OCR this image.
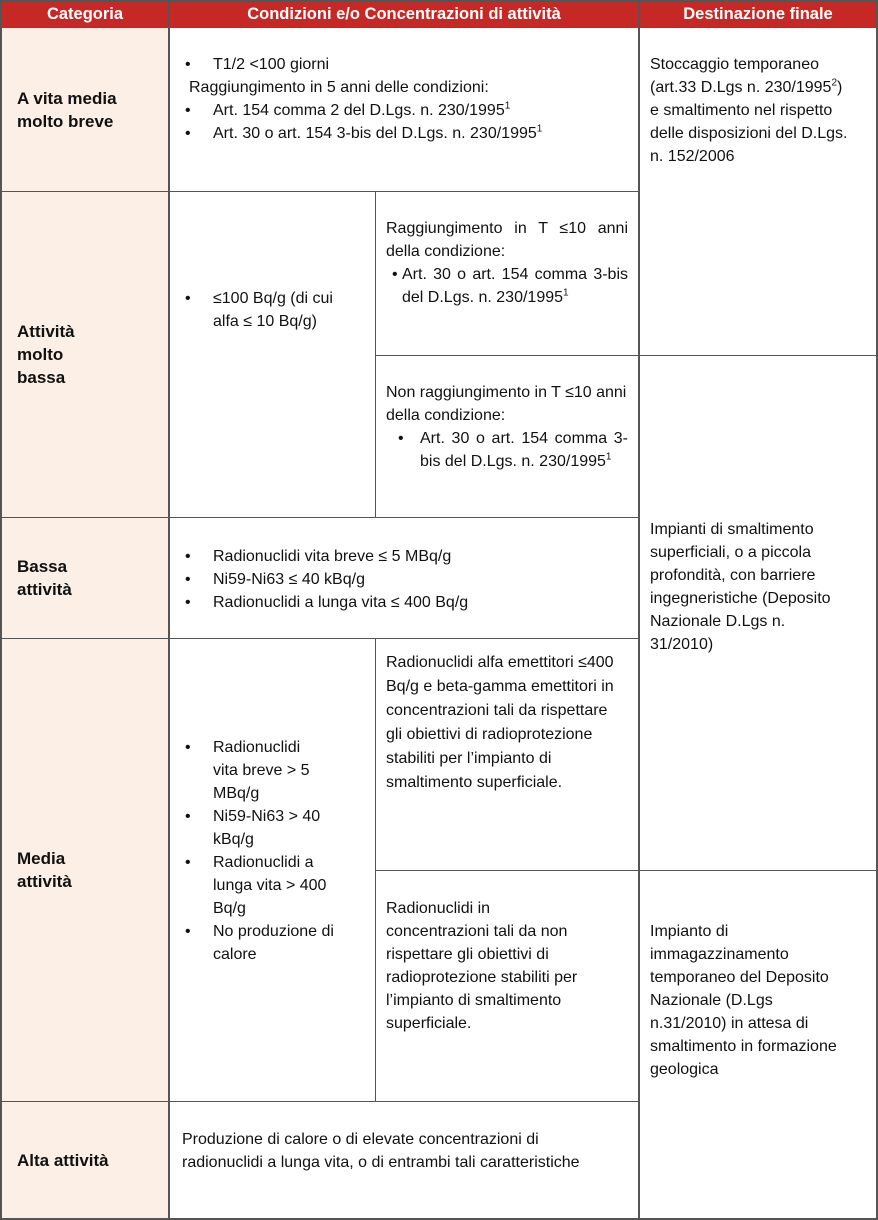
Categoria	Condizioni e/o Concentrazioni di attività	Destinazione finale
A vita media molto breve
Attività molto bassa
Bassa attività
Media attività
Alta attività
• T1/2 <100 giorni
Raggiungimento in 5 anni delle condizioni:
• Art. 154 comma 2 del D.Lgs. n. 230/1995$^1$
• Art. 30 o art. 154 3-bis del D.Lgs. n. 230/1995$^1$
• ≤100 Bq/g (di cui alfa ≤ 10 Bq/g)
Raggiungimento in T ≤10 anni della condizione:
• Art. 30 o art. 154 comma 3-bis del D.Lgs. n. 230/1995$^1$
Non raggiungimento in T ≤10 anni della condizione:
• Art. 30 o art. 154 comma 3-bis del D.Lgs. n. 230/1995$^1$
• Radionuclidi vita breve ≤ 5 MBq/g
• Ni59-Ni63 ≤ 40 kBq/g
• Radionuclidi a lunga vita ≤ 400 Bq/g
• Radionuclidi vita breve > 5 MBq/g
• Ni59-Ni63 > 40 kBq/g
• Radionuclidi a lunga vita > 400 Bq/g
• No produzione di calore
Radionuclidi alfa emettitori ≤400 Bq/g e beta-gamma emettitori in concentrazioni tali da rispettare gli obiettivi di radioprotezione stabiliti per l’impianto di smaltimento superficiale.
Radionuclidi in concentrazioni tali da non rispettare gli obiettivi di radioprotezione stabiliti per l’impianto di smaltimento superficiale.
Produzione di calore o di elevate concentrazioni di radionuclidi a lunga vita, o di entrambi tali caratteristiche
Stoccaggio temporaneo (art.33 D.Lgs n. 230/1995$^2$) e smaltimento nel rispetto delle disposizioni del D.Lgs. n. 152/2006
Impianti di smaltimento superficiali, o a piccola profondità, con barriere ingegneristiche (Deposito Nazionale D.Lgs n. 31/2010)
Impianto di immagazzinamento temporaneo del Deposito Nazionale (D.Lgs n.31/2010) in attesa di smaltimento in formazione geologica
